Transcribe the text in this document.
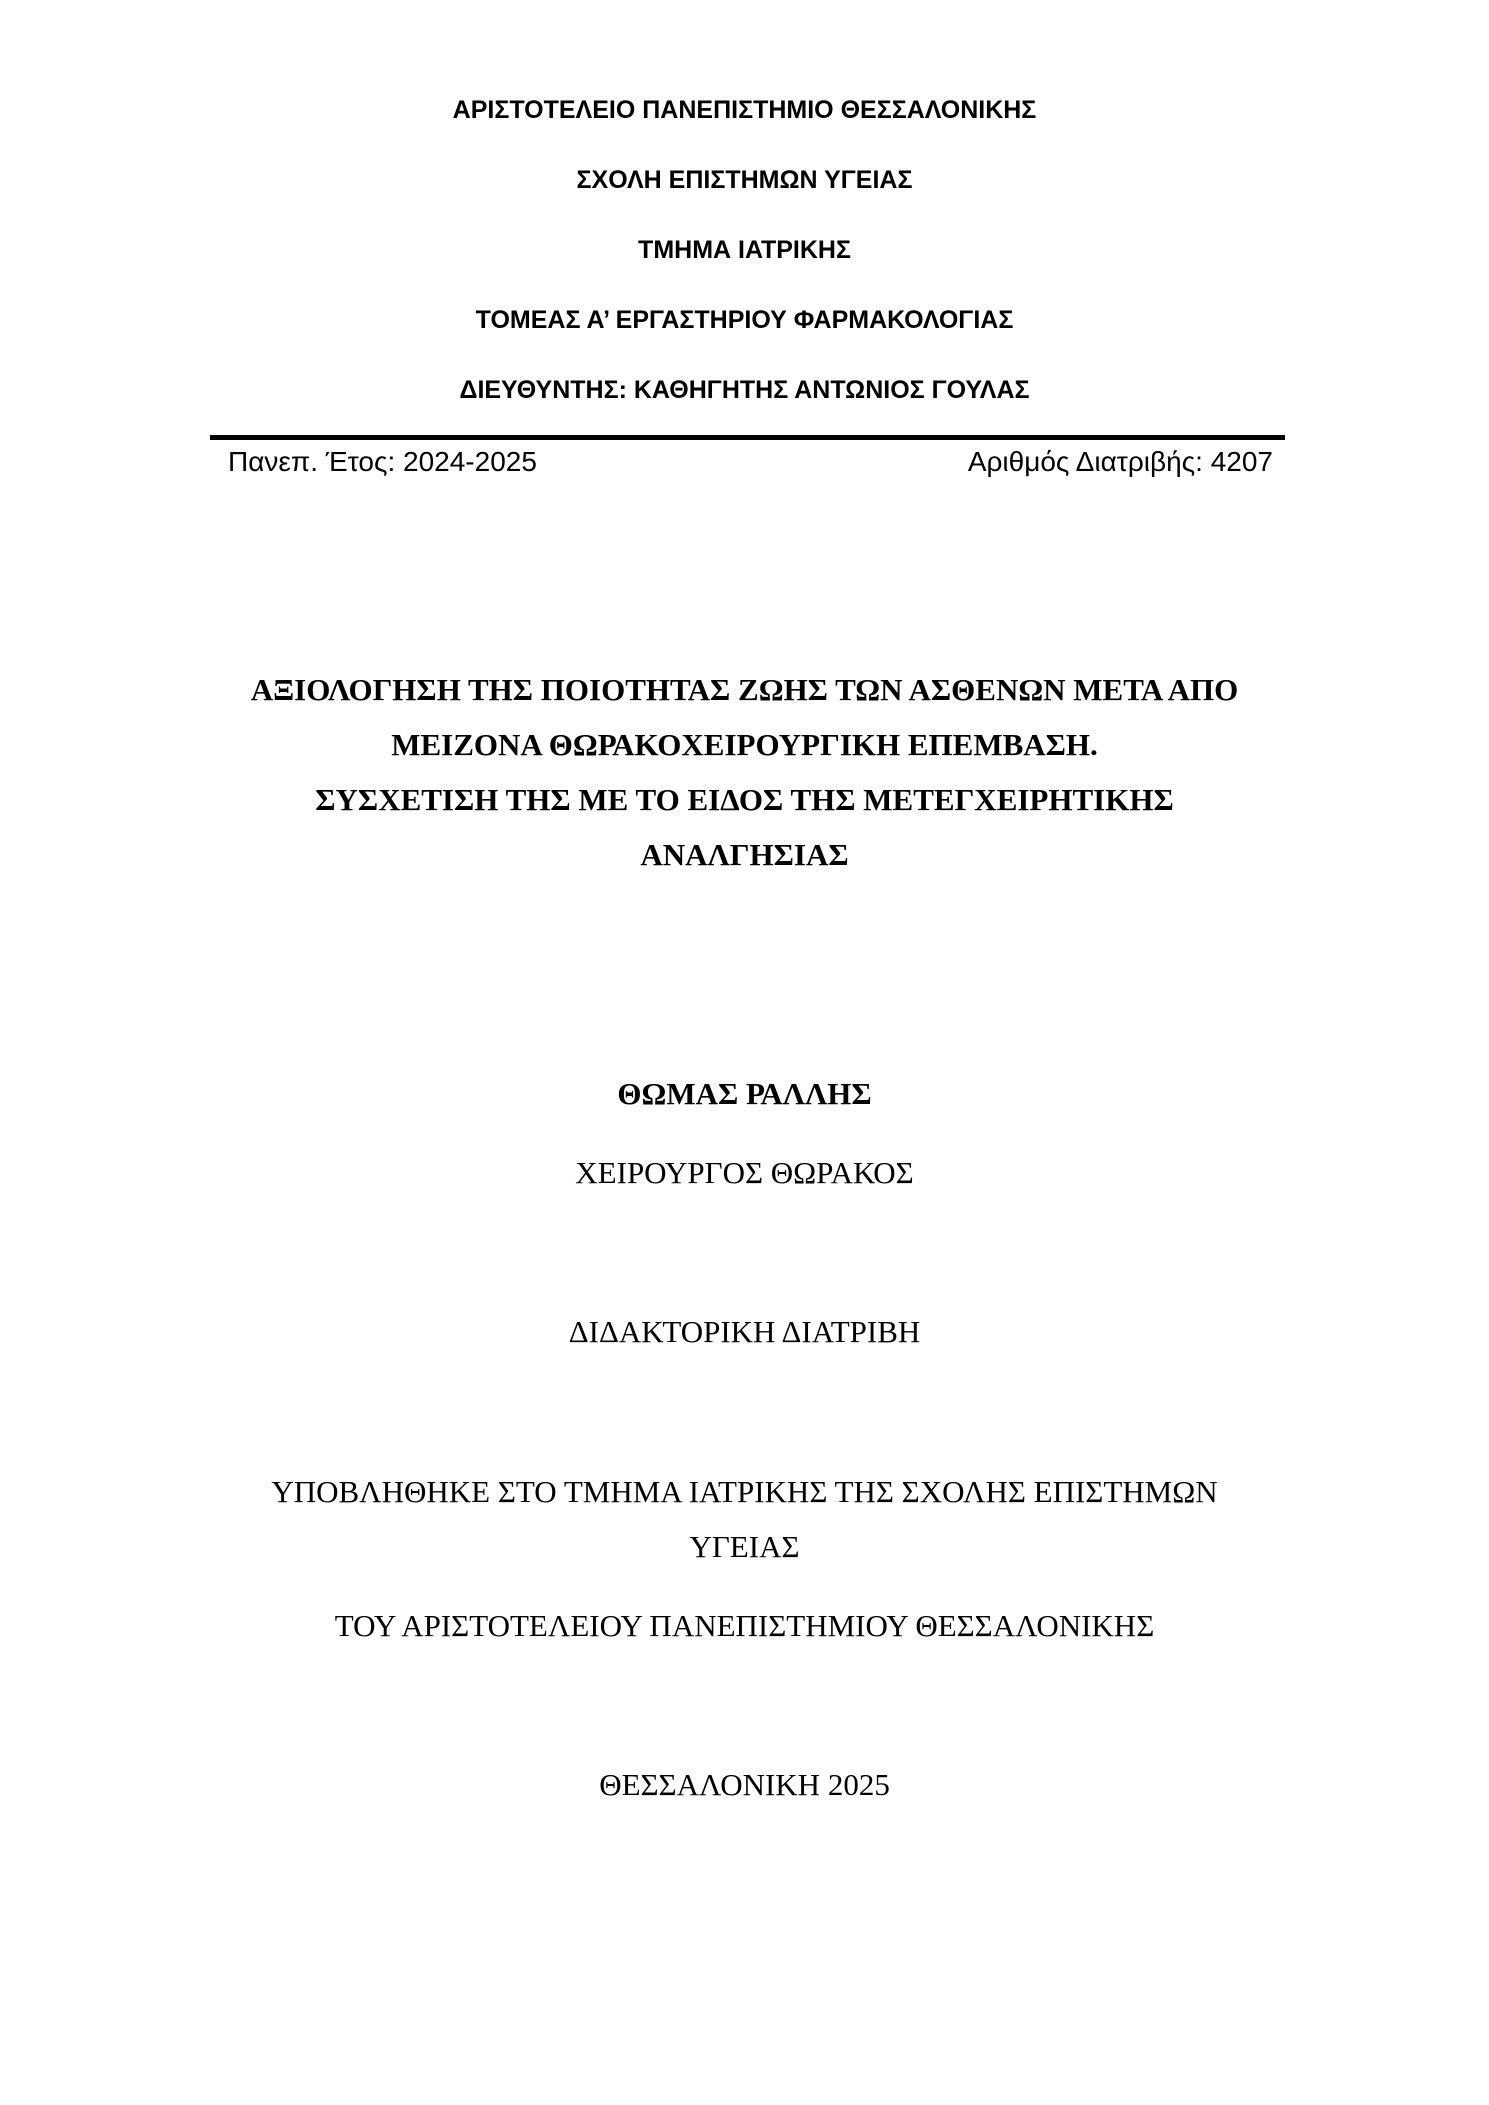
ΑΡΙΣΤΟΤΕΛΕΙΟ ΠΑΝΕΠΙΣΤΗΜΙΟ ΘΕΣΣΑΛΟΝΙΚΗΣ
ΣΧΟΛΗ ΕΠΙΣΤΗΜΩΝ ΥΓΕΙΑΣ
ΤΜΗΜΑ ΙΑΤΡΙΚΗΣ
ΤΟΜΕΑΣ Α’ ΕΡΓΑΣΤΗΡΙΟΥ ΦΑΡΜΑΚΟΛΟΓΙΑΣ
ΔΙΕΥΘΥΝΤΗΣ: ΚΑΘΗΓΗΤΗΣ ΑΝΤΩΝΙΟΣ ΓΟΥΛΑΣ
Πανεπ. Έτος: 2024-2025	Αριθμός Διατριβής: 4207
ΑΞΙΟΛΟΓΗΣΗ ΤΗΣ ΠΟΙΟΤΗΤΑΣ ΖΩΗΣ ΤΩΝ ΑΣΘΕΝΩΝ ΜΕΤΑ ΑΠΟ
ΜΕΙΖΟΝΑ ΘΩΡΑΚΟΧΕΙΡΟΥΡΓΙΚΗ ΕΠΕΜΒΑΣΗ.
ΣΥΣΧΕΤΙΣΗ ΤΗΣ ΜΕ ΤΟ ΕΙΔΟΣ ΤΗΣ ΜΕΤΕΓΧΕΙΡΗΤΙΚΗΣ
ΑΝΑΛΓΗΣΙΑΣ
ΘΩΜΑΣ ΡΑΛΛΗΣ
ΧΕΙΡΟΥΡΓΟΣ ΘΩΡΑΚΟΣ
ΔΙΔΑΚΤΟΡΙΚΗ ΔΙΑΤΡΙΒΗ
ΥΠΟΒΛΗΘΗΚΕ ΣΤΟ ΤΜΗΜΑ ΙΑΤΡΙΚΗΣ ΤΗΣ ΣΧΟΛΗΣ ΕΠΙΣΤΗΜΩΝ
ΥΓΕΙΑΣ
ΤΟΥ ΑΡΙΣΤΟΤΕΛΕΙΟΥ ΠΑΝΕΠΙΣΤΗΜΙΟΥ ΘΕΣΣΑΛΟΝΙΚΗΣ
ΘΕΣΣΑΛΟΝΙΚΗ 2025
